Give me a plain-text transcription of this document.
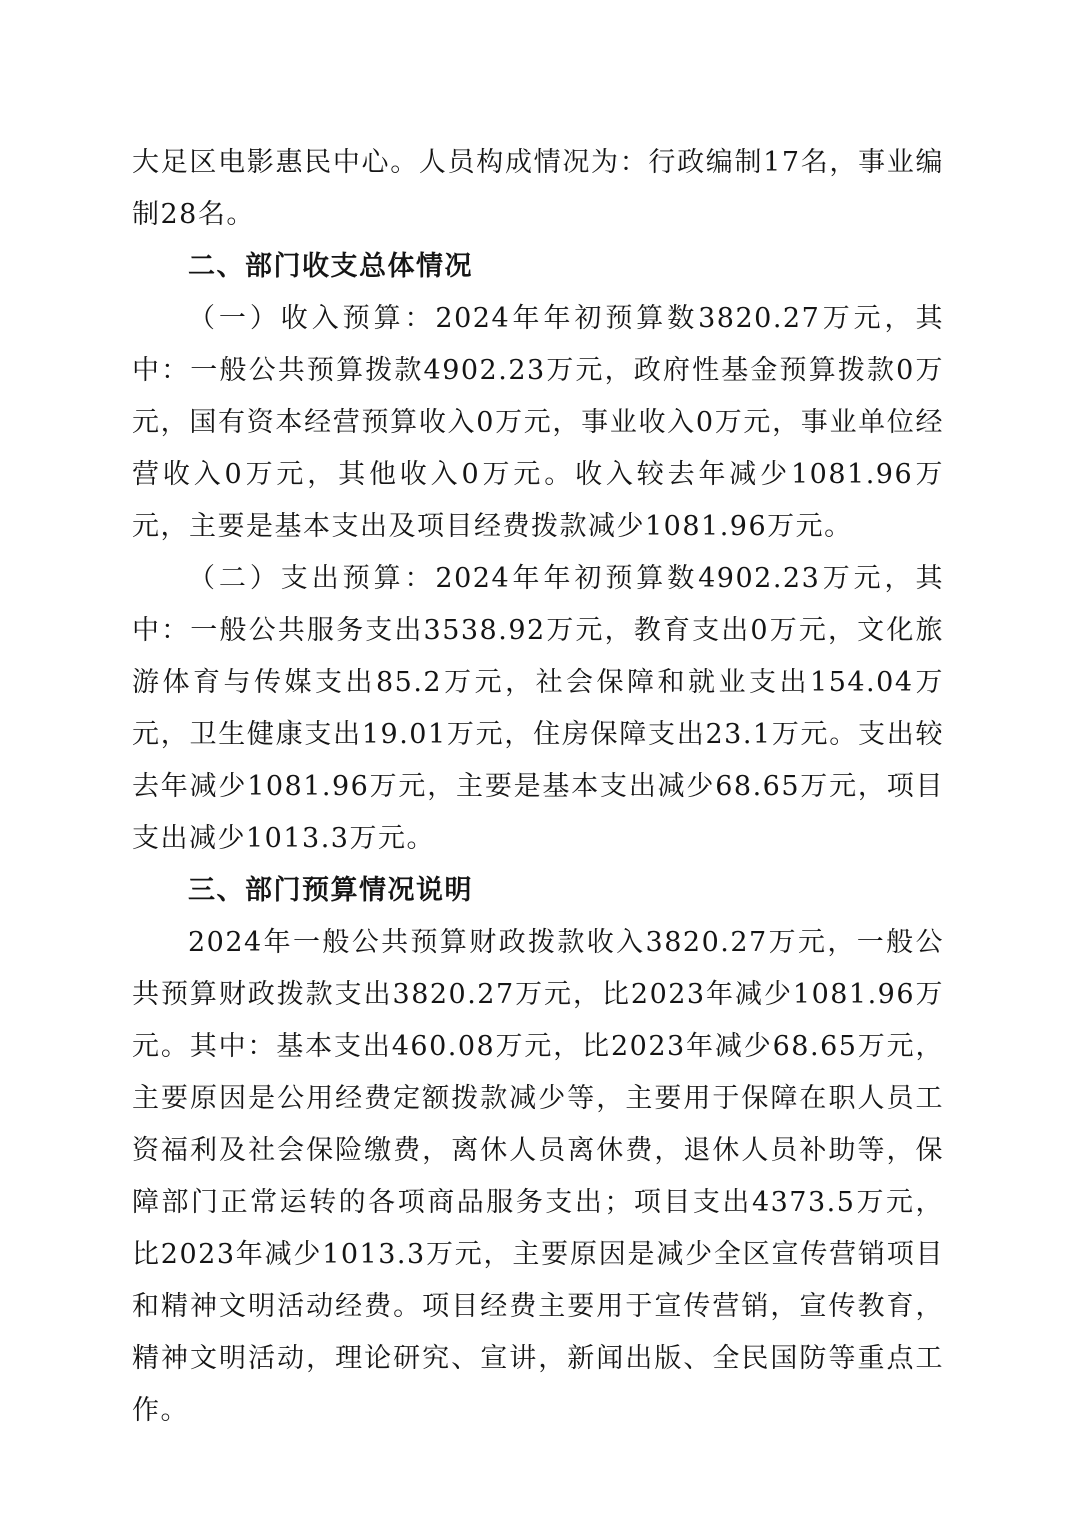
大足区电影惠民中心。人员构成情况为：行政编制17名，事业编制28名。

二、部门收支总体情况

（一）收入预算：2024年年初预算数3820.27万元，其中：一般公共预算拨款4902.23万元，政府性基金预算拨款0万元，国有资本经营预算收入0万元，事业收入0万元，事业单位经营收入0万元，其他收入0万元。收入较去年减少1081.96万元，主要是基本支出及项目经费拨款减少1081.96万元。

（二）支出预算：2024年年初预算数4902.23万元，其中：一般公共服务支出3538.92万元，教育支出0万元，文化旅游体育与传媒支出85.2万元，社会保障和就业支出154.04万元，卫生健康支出19.01万元，住房保障支出23.1万元。支出较去年减少1081.96万元，主要是基本支出减少68.65万元，项目支出减少1013.3万元。

三、部门预算情况说明

2024年一般公共预算财政拨款收入3820.27万元，一般公共预算财政拨款支出3820.27万元，比2023年减少1081.96万元。其中：基本支出460.08万元，比2023年减少68.65万元，主要原因是公用经费定额拨款减少等，主要用于保障在职人员工资福利及社会保险缴费，离休人员离休费，退休人员补助等，保障部门正常运转的各项商品服务支出；项目支出4373.5万元，比2023年减少1013.3万元，主要原因是减少全区宣传营销项目和精神文明活动经费。项目经费主要用于宣传营销，宣传教育，精神文明活动，理论研究、宣讲，新闻出版、全民国防等重点工作。
